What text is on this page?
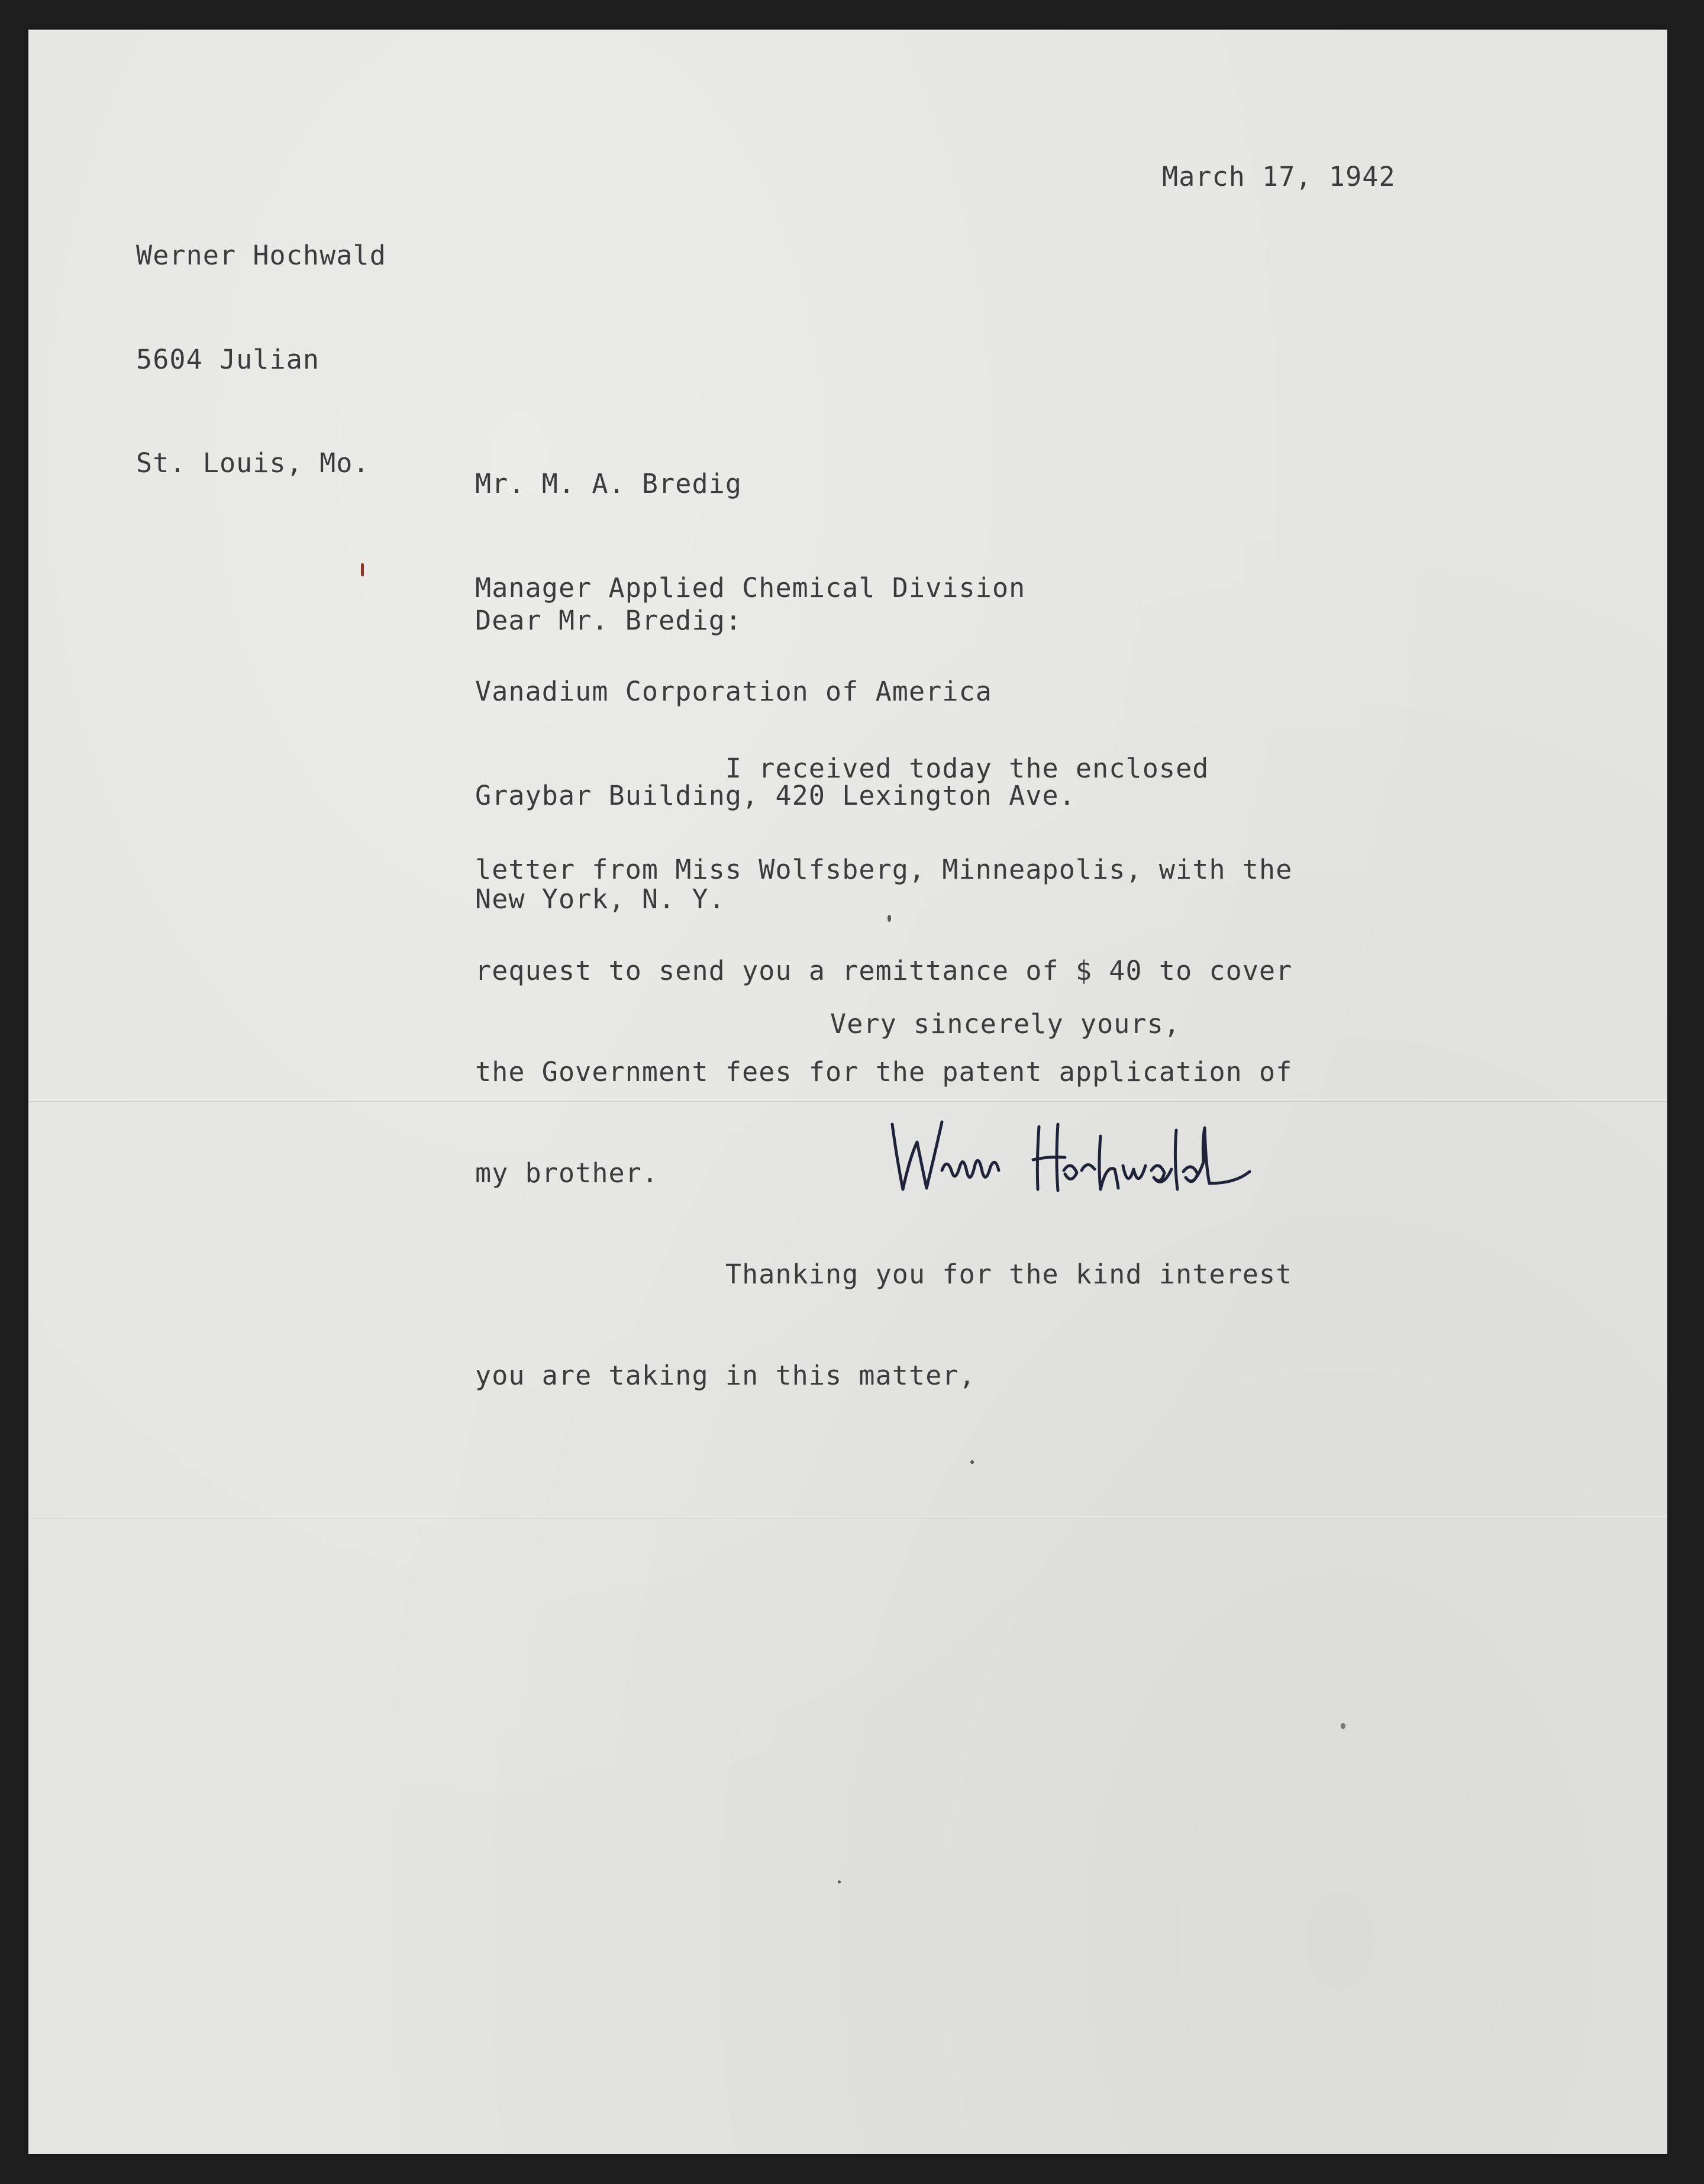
Werner Hochwald

5604 Julian

St. Louis, Mo.

March 17, 1942

Mr. M. A. Bredig

Manager Applied Chemical Division

Vanadium Corporation of America

Graybar Building, 420 Lexington Ave.

New York, N. Y.

Dear Mr. Bredig:

I received today the enclosed

letter from Miss Wolfsberg, Minneapolis, with the

request to send you a remittance of $ 40 to cover

the Government fees for the patent application of

my brother.

Thanking you for the kind interest

you are taking in this matter,

Very sincerely yours,
